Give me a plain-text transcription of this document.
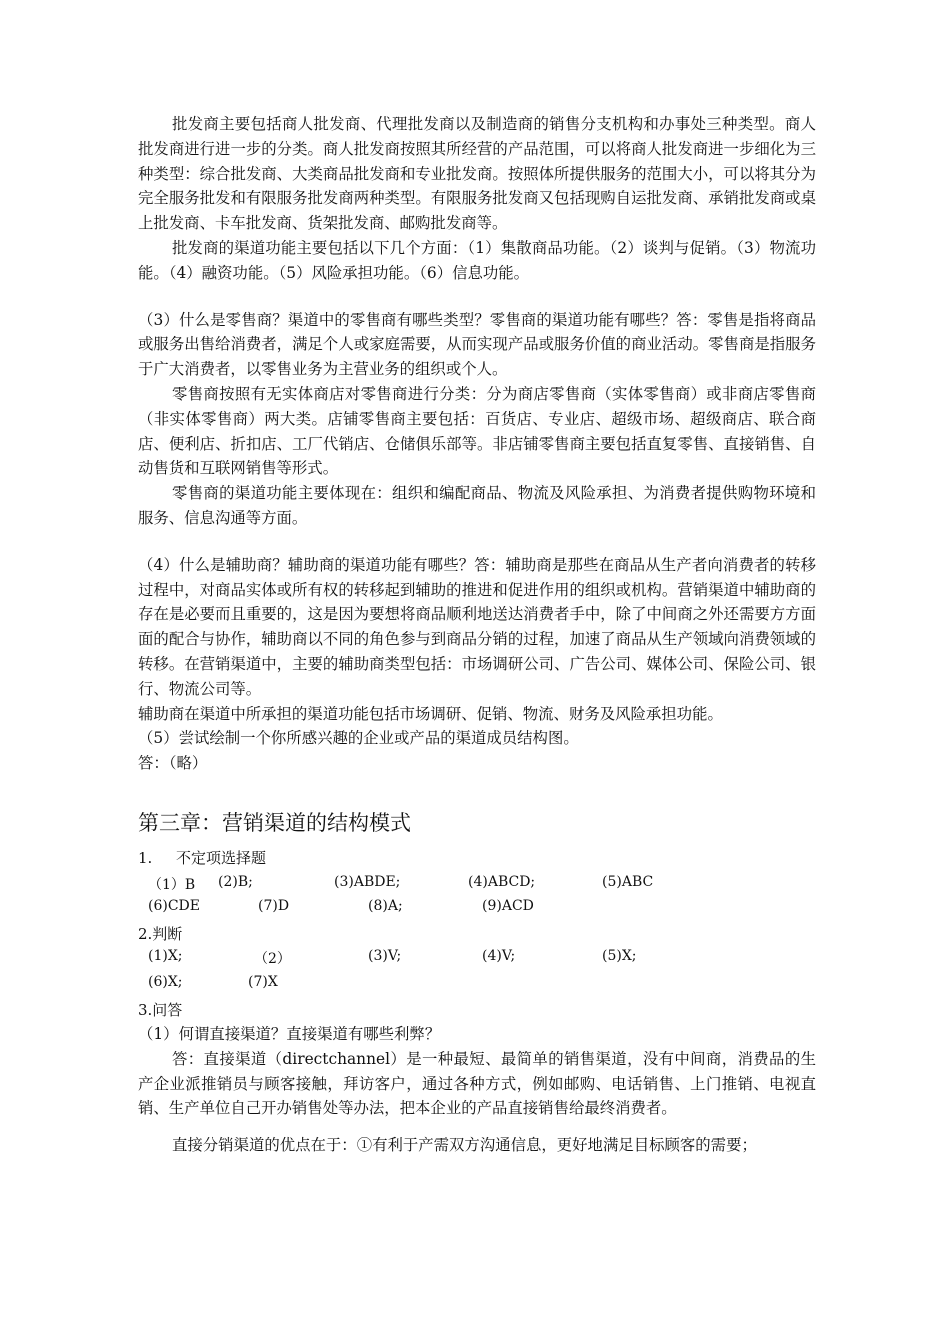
批发商主要包括商人批发商、代理批发商以及制造商的销售分支机构和办事处三种类型。商人批发商进行进一步的分类。商人批发商按照其所经营的产品范围，可以将商人批发商进一步细化为三种类型：综合批发商、大类商品批发商和专业批发商。按照体所提供服务的范围大小，可以将其分为完全服务批发和有限服务批发商两种类型。有限服务批发商又包括现购自运批发商、承销批发商或桌上批发商、卡车批发商、货架批发商、邮购批发商等。

批发商的渠道功能主要包括以下几个方面：（1）集散商品功能。（2）谈判与促销。（3）物流功能。（4）融资功能。（5）风险承担功能。（6）信息功能。

（3）什么是零售商？渠道中的零售商有哪些类型？零售商的渠道功能有哪些？答：零售是指将商品或服务出售给消费者，满足个人或家庭需要，从而实现产品或服务价值的商业活动。零售商是指服务于广大消费者，以零售业务为主营业务的组织或个人。

零售商按照有无实体商店对零售商进行分类：分为商店零售商（实体零售商）或非商店零售商（非实体零售商）两大类。店铺零售商主要包括：百货店、专业店、超级市场、超级商店、联合商店、便利店、折扣店、工厂代销店、仓储俱乐部等。非店铺零售商主要包括直复零售、直接销售、自动售货和互联网销售等形式。

零售商的渠道功能主要体现在：组织和编配商品、物流及风险承担、为消费者提供购物环境和服务、信息沟通等方面。

（4）什么是辅助商？辅助商的渠道功能有哪些？答：辅助商是那些在商品从生产者向消费者的转移过程中，对商品实体或所有权的转移起到辅助的推进和促进作用的组织或机构。营销渠道中辅助商的存在是必要而且重要的，这是因为要想将商品顺利地送达消费者手中，除了中间商之外还需要方方面面的配合与协作，辅助商以不同的角色参与到商品分销的过程，加速了商品从生产领域向消费领域的转移。在营销渠道中，主要的辅助商类型包括：市场调研公司、广告公司、媒体公司、保险公司、银行、物流公司等。

辅助商在渠道中所承担的渠道功能包括市场调研、促销、物流、财务及风险承担功能。

（5）尝试绘制一个你所感兴趣的企业或产品的渠道成员结构图。

答：（略）

第三章：营销渠道的结构模式
1. 不定项选择题
（1）B (2)B;	(3)ABDE;	(4)ABCD;	(5)ABC
(6)CDE	(7)D	(8)A;	(9)ACD
2.判断
(1)X;	（2）	(3)V;	(4)V;	(5)X;
(6)X;	(7)X
3.问答

（1）何谓直接渠道？直接渠道有哪些利弊？

答：直接渠道（directchannel）是一种最短、最简单的销售渠道，没有中间商，消费品的生产企业派推销员与顾客接触，拜访客户，通过各种方式，例如邮购、电话销售、上门推销、电视直销、生产单位自己开办销售处等办法，把本企业的产品直接销售给最终消费者。

直接分销渠道的优点在于：①有利于产需双方沟通信息，更好地满足目标顾客的需要；
